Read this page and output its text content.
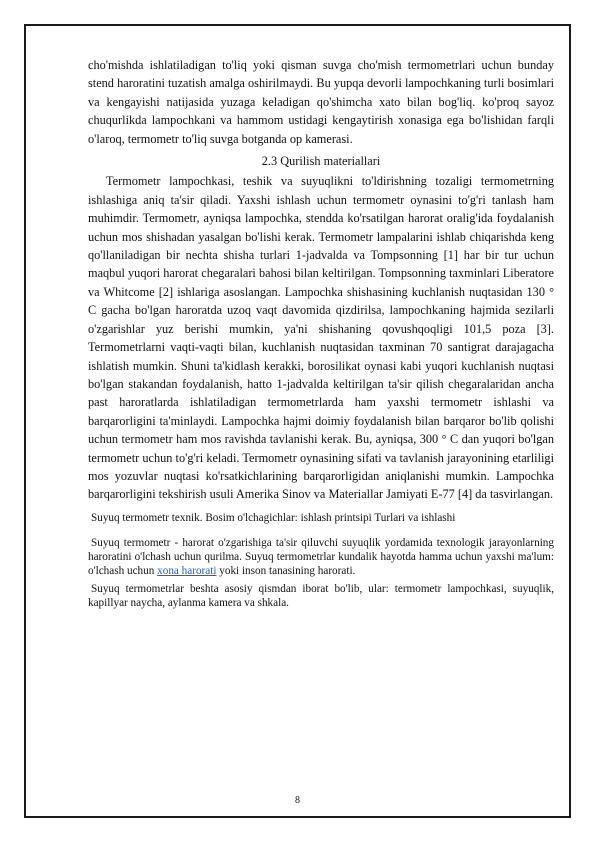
cho'mishda ishlatiladigan to'liq yoki qisman suvga cho'mish termometrlari uchun bunday stend haroratini tuzatish amalga oshirilmaydi. Bu yupqa devorli lampochkaning turli bosimlari va kengayishi natijasida yuzaga keladigan qo'shimcha xato bilan bog'liq. ko'proq sayoz chuqurlikda lampochkani va hammom ustidagi kengaytirish xonasiga ega bo'lishidan farqli o'laroq, termometr to'liq suvga botganda op kamerasi.

2.3 Qurilish materiallari

Termometr lampochkasi, teshik va suyuqlikni to'ldirishning tozaligi termometrning ishlashiga aniq ta'sir qiladi. Yaxshi ishlash uchun termometr oynasini to'g'ri tanlash ham muhimdir. Termometr, ayniqsa lampochka, stendda ko'rsatilgan harorat oralig'ida foydalanish uchun mos shishadan yasalgan bo'lishi kerak. Termometr lampalarini ishlab chiqarishda keng qo'llaniladigan bir nechta shisha turlari 1-jadvalda va Tompsonning [1] har bir tur uchun maqbul yuqori harorat chegaralari bahosi bilan keltirilgan. Tompsonning taxminlari Liberatore va Whitcome [2] ishlariga asoslangan. Lampochka shishasining kuchlanish nuqtasidan 130 ° C gacha bo'lgan haroratda uzoq vaqt davomida qizdirilsa, lampochkaning hajmida sezilarli o'zgarishlar yuz berishi mumkin, ya'ni shishaning qovushqoqligi 101,5 poza [3]. Termometrlarni vaqti-vaqti bilan, kuchlanish nuqtasidan taxminan 70 santigrat darajagacha ishlatish mumkin. Shuni ta'kidlash kerakki, borosilikat oynasi kabi yuqori kuchlanish nuqtasi bo'lgan stakandan foydalanish, hatto 1-jadvalda keltirilgan ta'sir qilish chegaralaridan ancha past haroratlarda ishlatiladigan termometrlarda ham yaxshi termometr ishlashi va barqarorligini ta'minlaydi. Lampochka hajmi doimiy foydalanish bilan barqaror bo'lib qolishi uchun termometr ham mos ravishda tavlanishi kerak. Bu, ayniqsa, 300 ° C dan yuqori bo'lgan termometr uchun to'g'ri keladi. Termometr oynasining sifati va tavlanish jarayonining etarliligi mos yozuvlar nuqtasi ko'rsatkichlarining barqarorligidan aniqlanishi mumkin. Lampochka barqarorligini tekshirish usuli Amerika Sinov va Materiallar Jamiyati E-77 [4] da tasvirlangan.

Suyuq termometr texnik. Bosim o'lchagichlar: ishlash printsipi Turlari va ishlashi

Suyuq termometr - harorat o'zgarishiga ta'sir qiluvchi suyuqlik yordamida texnologik jarayonlarning haroratini o'lchash uchun qurilma. Suyuq termometrlar kundalik hayotda hamma uchun yaxshi ma'lum: o'lchash uchun xona harorati yoki inson tanasining harorati.

Suyuq termometrlar beshta asosiy qismdan iborat bo'lib, ular: termometr lampochkasi, suyuqlik, kapillyar naycha, aylanma kamera va shkala.

8
